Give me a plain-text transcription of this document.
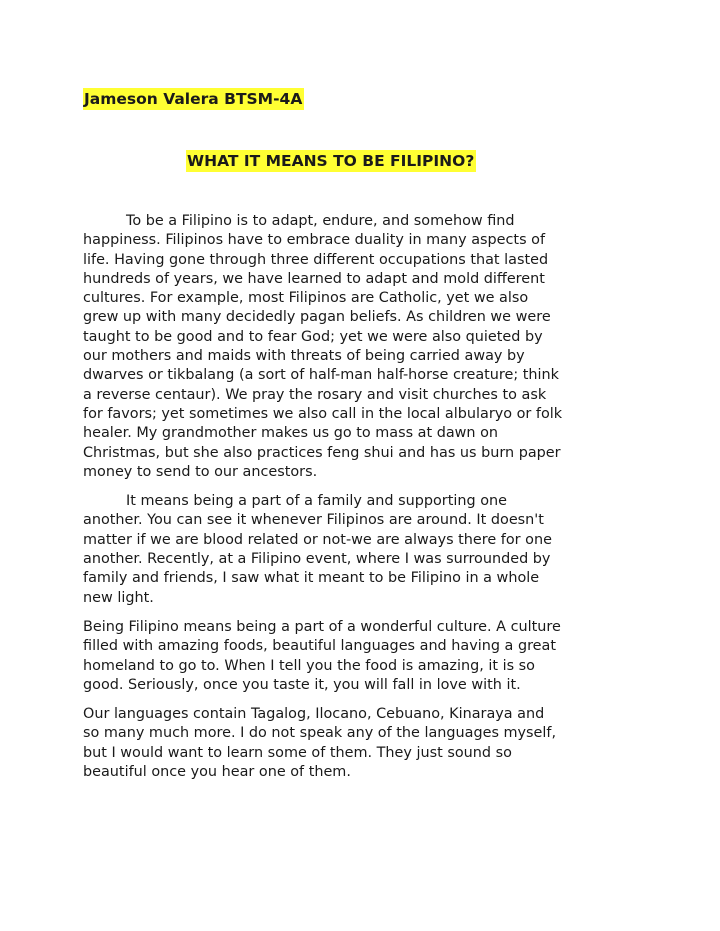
Jameson Valera BTSM-4A

WHAT IT MEANS TO BE FILIPINO?

To be a Filipino is to adapt, endure, and somehow find
happiness. Filipinos have to embrace duality in many aspects of
life. Having gone through three different occupations that lasted
hundreds of years, we have learned to adapt and mold different
cultures. For example, most Filipinos are Catholic, yet we also
grew up with many decidedly pagan beliefs. As children we were
taught to be good and to fear God; yet we were also quieted by
our mothers and maids with threats of being carried away by
dwarves or tikbalang (a sort of half-man half-horse creature; think
a reverse centaur). We pray the rosary and visit churches to ask
for favors; yet sometimes we also call in the local albularyo or folk
healer. My grandmother makes us go to mass at dawn on
Christmas, but she also practices feng shui and has us burn paper
money to send to our ancestors.

It means being a part of a family and supporting one
another. You can see it whenever Filipinos are around. It doesn't
matter if we are blood related or not-we are always there for one
another. Recently, at a Filipino event, where I was surrounded by
family and friends, I saw what it meant to be Filipino in a whole
new light.

Being Filipino means being a part of a wonderful culture. A culture
filled with amazing foods, beautiful languages and having a great
homeland to go to. When I tell you the food is amazing, it is so
good. Seriously, once you taste it, you will fall in love with it.

Our languages contain Tagalog, Ilocano, Cebuano, Kinaraya and
so many much more. I do not speak any of the languages myself,
but I would want to learn some of them. They just sound so
beautiful once you hear one of them.
